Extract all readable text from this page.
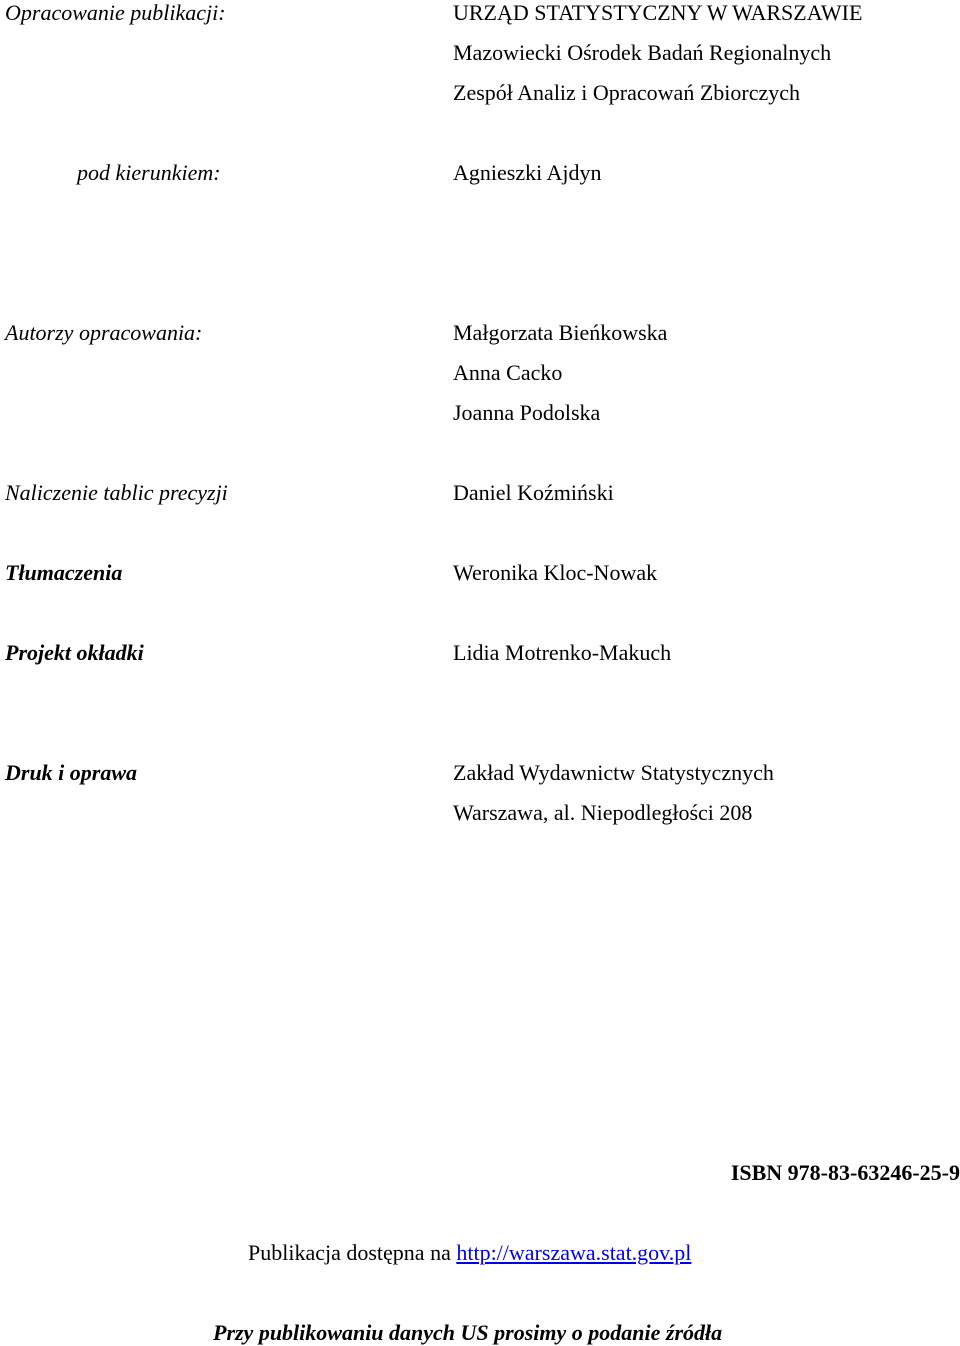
Opracowanie publikacji:	URZĄD STATYSTYCZNY W WARSZAWIE
Mazowiecki Ośrodek Badań Regionalnych
Zespół Analiz i Opracowań Zbiorczych
pod kierunkiem:	Agnieszki Ajdyn
Autorzy opracowania:	Małgorzata Bieńkowska
Anna Cacko
Joanna Podolska
Naliczenie tablic precyzji	Daniel Koźmiński
Tłumaczenia	Weronika Kloc-Nowak
Projekt okładki	Lidia Motrenko-Makuch
Druk i oprawa	Zakład Wydawnictw Statystycznych
Warszawa, al. Niepodległości 208
ISBN 978-83-63246-25-9
Publikacja dostępna na http://warszawa.stat.gov.pl
Przy publikowaniu danych US prosimy o podanie źródła
